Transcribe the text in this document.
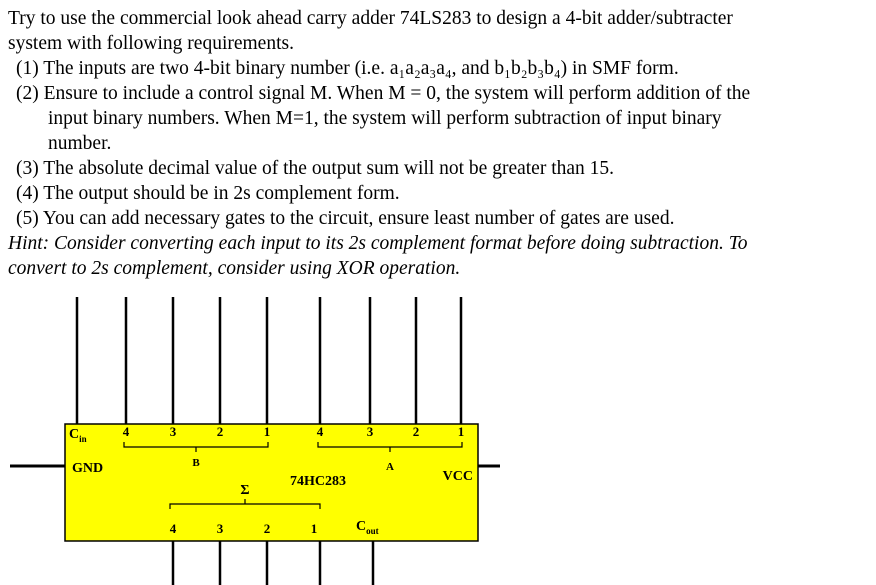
Try to use the commercial look ahead carry adder 74LS283 to design a 4-bit adder/subtracter
system with following requirements.
(1) The inputs are two 4-bit binary number (i.e. a₁a₂a₃a₄, and b₁b₂b₃b₄) in SMF form.
(2) Ensure to include a control signal M. When M = 0, the system will perform addition of the
input binary numbers. When M=1, the system will perform subtraction of input binary
number.
(3) The absolute decimal value of the output sum will not be greater than 15.
(4) The output should be in 2s complement form.
(5) You can add necessary gates to the circuit, ensure least number of gates are used.
Hint: Consider converting each input to its 2s complement format before doing subtraction. To
convert to 2s complement, consider using XOR operation.
$C_{in}$	4	3	2	1	4	3	2	1
GND	B	A
VCC
74HC283
Σ
4	3	2	1	$C_{out}$
